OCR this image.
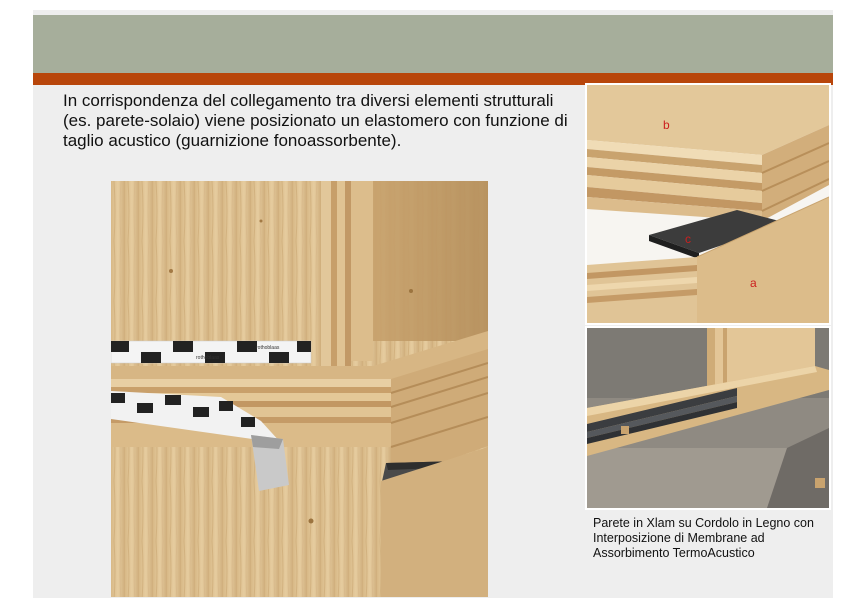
In corrispondenza del collegamento tra diversi elementi strutturali (es. parete-solaio) viene posizionato un elastomero con funzione di taglio acustico (guarnizione fonoassorbente).

rothoblaas
rothoblaas
b
c
a

Parete in Xlam su Cordolo in Legno con Interposizione di Membrane ad Assorbimento TermoAcustico
